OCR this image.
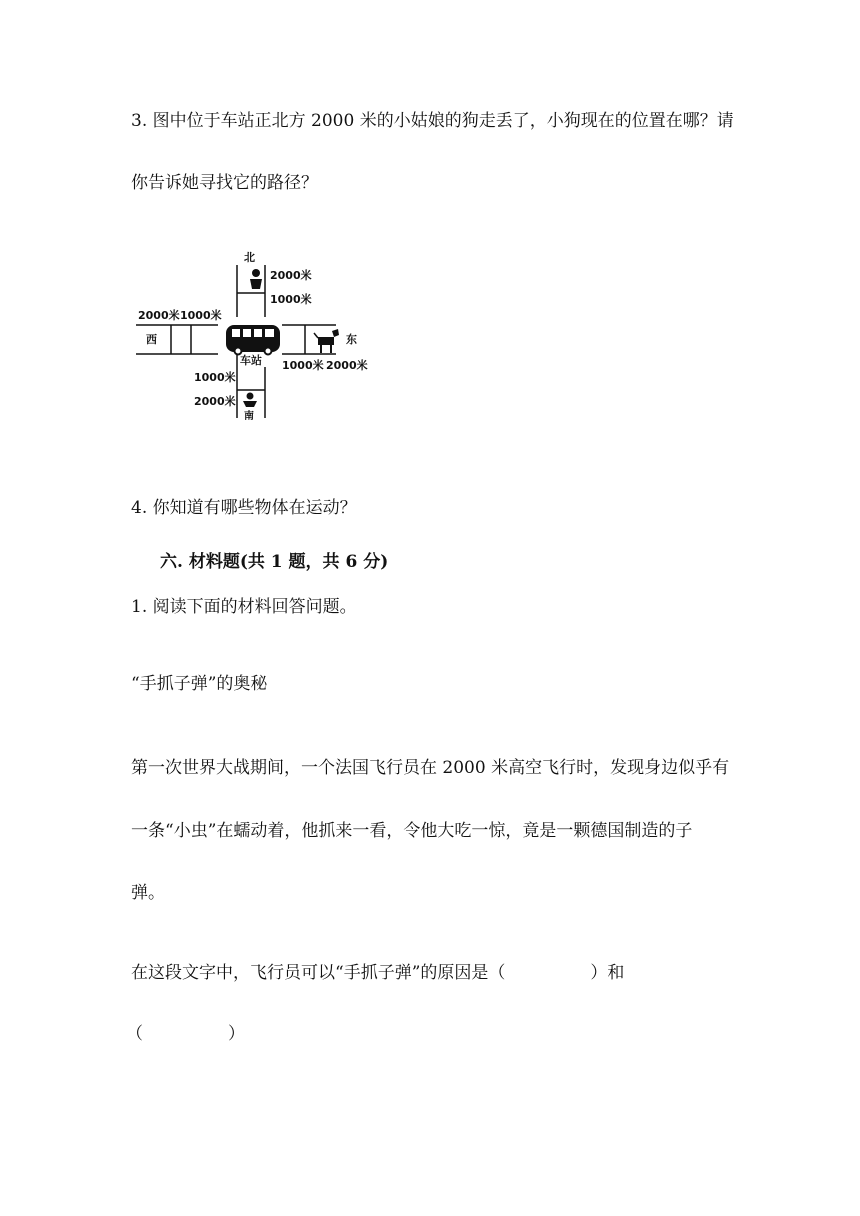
3. 图中位于车站正北方 2000 米的小姑娘的狗走丢了，小狗现在的位置在哪？请
你告诉她寻找它的路径？
北
2000米
1000米
2000米 1000米
西	东
1000米 2000米
车站
1000米
2000米
南
4. 你知道有哪些物体在运动？
六. 材料题(共 1 题，共 6 分)
1. 阅读下面的材料回答问题。
“手抓子弹”的奥秘
第一次世界大战期间，一个法国飞行员在 2000 米高空飞行时，发现身边似乎有
一条“小虫”在蠕动着，他抓来一看，令他大吃一惊，竟是一颗德国制造的子
弹。
在这段文字中，飞行员可以“手抓子弹”的原因是（　　　　　）和
（　　　　　）
